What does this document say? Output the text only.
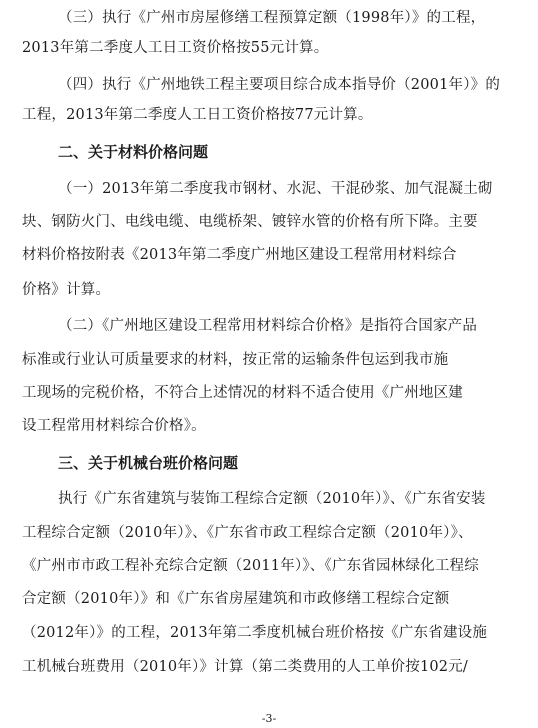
（三）执行《广州市房屋修缮工程预算定额（1998年）》的工程，
2013年第二季度人工日工资价格按55元计算。
（四）执行《广州地铁工程主要项目综合成本指导价（2001年）》的
工程，2013年第二季度人工日工资价格按77元计算。
二、关于材料价格问题
（一）2013年第二季度我市钢材、水泥、干混砂浆、加气混凝土砌
块、钢防火门、电线电缆、电缆桥架、镀锌水管的价格有所下降。主要
材料价格按附表《2013年第二季度广州地区建设工程常用材料综合
价格》计算。
（二）《广州地区建设工程常用材料综合价格》是指符合国家产品
标准或行业认可质量要求的材料，按正常的运输条件包运到我市施
工现场的完税价格，不符合上述情况的材料不适合使用《广州地区建
设工程常用材料综合价格》。
三、关于机械台班价格问题
执行《广东省建筑与装饰工程综合定额（2010年）》、《广东省安装
工程综合定额（2010年）》、《广东省市政工程综合定额（2010年）》、
《广州市市政工程补充综合定额（2011年）》、《广东省园林绿化工程综
合定额（2010年）》和《广东省房屋建筑和市政修缮工程综合定额
（2012年）》的工程，2013年第二季度机械台班价格按《广东省建设施
工机械台班费用（2010年）》计算（第二类费用的人工单价按102元/
-3-
